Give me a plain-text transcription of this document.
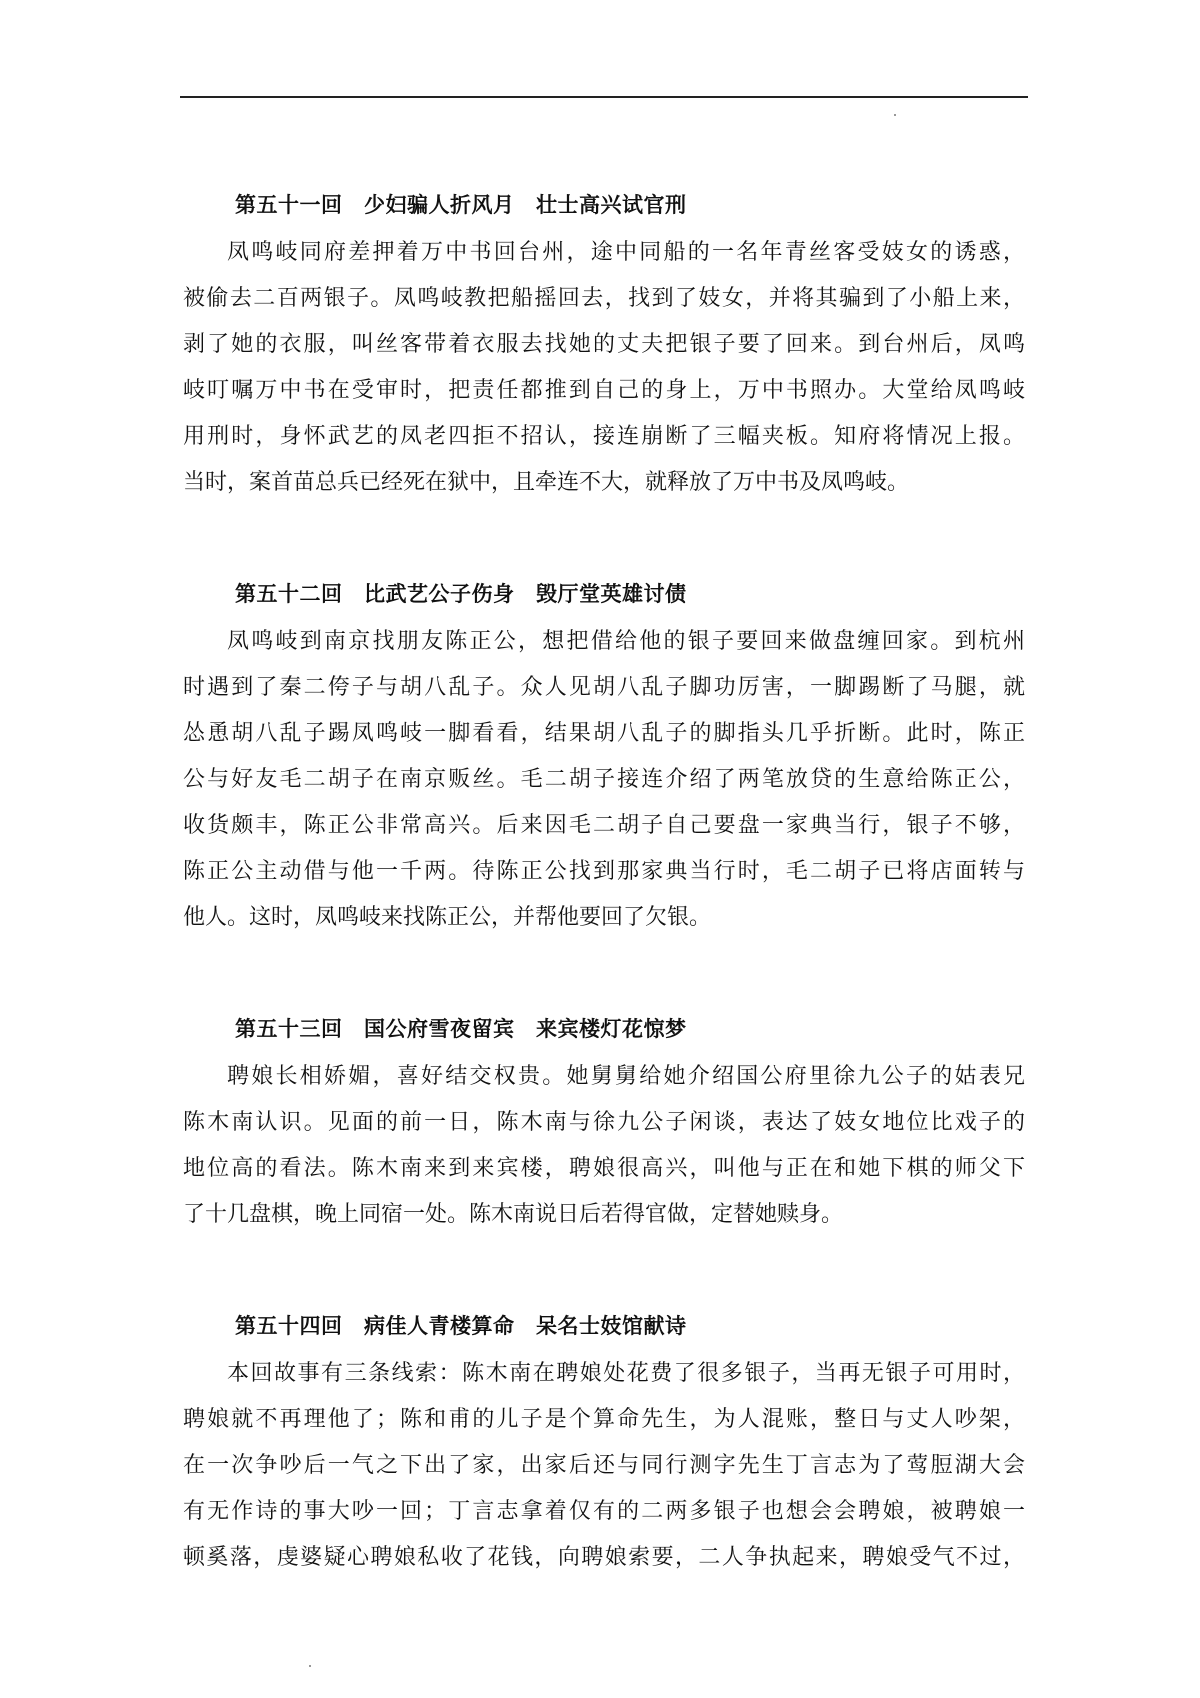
第五十一回　少妇骗人折风月　壮士高兴试官刑
凤鸣岐同府差押着万中书回台州，途中同船的一名年青丝客受妓女的诱惑，
被偷去二百两银子。凤鸣岐教把船摇回去，找到了妓女，并将其骗到了小船上来，
剥了她的衣服，叫丝客带着衣服去找她的丈夫把银子要了回来。到台州后，凤鸣
岐叮嘱万中书在受审时，把责任都推到自己的身上，万中书照办。大堂给凤鸣岐
用刑时，身怀武艺的凤老四拒不招认，接连崩断了三幅夹板。知府将情况上报。
当时，案首苗总兵已经死在狱中，且牵连不大，就释放了万中书及凤鸣岐。
第五十二回　比武艺公子伤身　毁厅堂英雄讨债
凤鸣岐到南京找朋友陈正公，想把借给他的银子要回来做盘缠回家。到杭州
时遇到了秦二侉子与胡八乱子。众人见胡八乱子脚功厉害，一脚踢断了马腿，就
怂恿胡八乱子踢凤鸣岐一脚看看，结果胡八乱子的脚指头几乎折断。此时，陈正
公与好友毛二胡子在南京贩丝。毛二胡子接连介绍了两笔放贷的生意给陈正公，
收货颇丰，陈正公非常高兴。后来因毛二胡子自己要盘一家典当行，银子不够，
陈正公主动借与他一千两。待陈正公找到那家典当行时，毛二胡子已将店面转与
他人。这时，凤鸣岐来找陈正公，并帮他要回了欠银。
第五十三回　国公府雪夜留宾　来宾楼灯花惊梦
聘娘长相娇媚，喜好结交权贵。她舅舅给她介绍国公府里徐九公子的姑表兄
陈木南认识。见面的前一日，陈木南与徐九公子闲谈，表达了妓女地位比戏子的
地位高的看法。陈木南来到来宾楼，聘娘很高兴，叫他与正在和她下棋的师父下
了十几盘棋，晚上同宿一处。陈木南说日后若得官做，定替她赎身。
第五十四回　病佳人青楼算命　呆名士妓馆献诗
本回故事有三条线索：陈木南在聘娘处花费了很多银子，当再无银子可用时，
聘娘就不再理他了；陈和甫的儿子是个算命先生，为人混账，整日与丈人吵架，
在一次争吵后一气之下出了家，出家后还与同行测字先生丁言志为了莺脰湖大会
有无作诗的事大吵一回；丁言志拿着仅有的二两多银子也想会会聘娘，被聘娘一
顿奚落，虔婆疑心聘娘私收了花钱，向聘娘索要，二人争执起来，聘娘受气不过，
